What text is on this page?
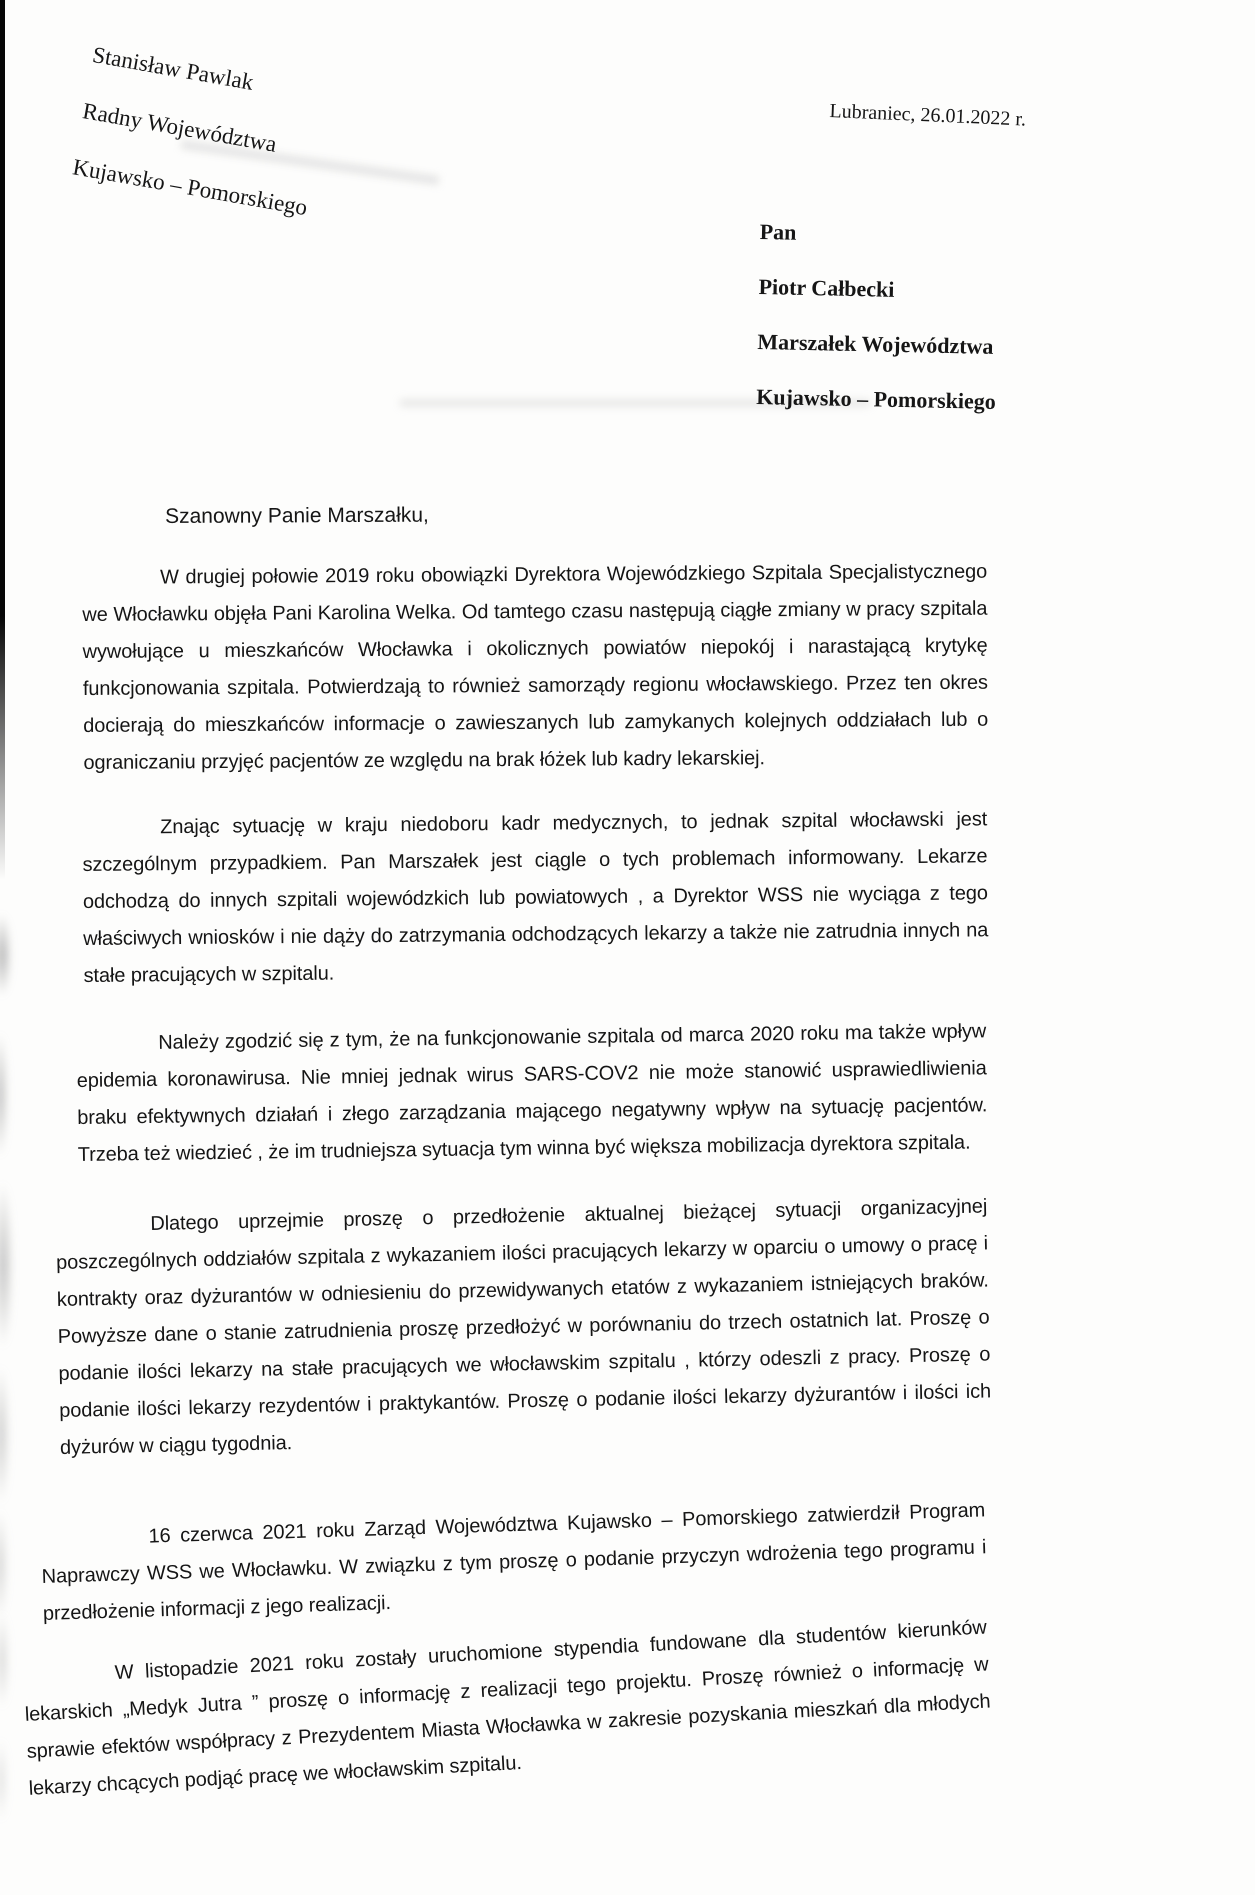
Stanisław Pawlak
Radny Województwa
Kujawsko – Pomorskiego
Lubraniec, 26.01.2022 r.
Pan
Piotr Całbecki
Marszałek Województwa
Kujawsko – Pomorskiego
Szanowny Panie Marszałku,
W drugiej połowie 2019 roku obowiązki Dyrektora Wojewódzkiego Szpitala Specjalistycznego we Włocławku objęła Pani Karolina Welka. Od tamtego czasu następują ciągłe zmiany w pracy szpitala wywołujące u mieszkańców Włocławka i okolicznych powiatów niepokój i narastającą krytykę funkcjonowania szpitala. Potwierdzają to również samorządy regionu włocławskiego. Przez ten okres docierają do mieszkańców informacje o zawieszanych lub zamykanych kolejnych oddziałach lub o ograniczaniu przyjęć pacjentów ze względu na brak łóżek lub kadry lekarskiej.
Znając sytuację w kraju niedoboru kadr medycznych, to jednak szpital włocławski jest szczególnym przypadkiem. Pan Marszałek jest ciągle o tych problemach informowany. Lekarze odchodzą do innych szpitali wojewódzkich lub powiatowych , a Dyrektor WSS nie wyciąga z tego właściwych wniosków i nie dąży do zatrzymania odchodzących lekarzy a także nie zatrudnia innych na stałe pracujących w szpitalu.
Należy zgodzić się z tym, że na funkcjonowanie szpitala od marca 2020 roku ma także wpływ epidemia koronawirusa. Nie mniej jednak wirus SARS-COV2 nie może stanowić usprawiedliwienia braku efektywnych działań i złego zarządzania mającego negatywny wpływ na sytuację pacjentów. Trzeba też wiedzieć , że im trudniejsza sytuacja tym winna być większa mobilizacja dyrektora szpitala.
Dlatego uprzejmie proszę o przedłożenie aktualnej bieżącej sytuacji organizacyjnej poszczególnych oddziałów szpitala z wykazaniem ilości pracujących lekarzy w oparciu o umowy o pracę i kontrakty oraz dyżurantów w odniesieniu do przewidywanych etatów z wykazaniem istniejących braków. Powyższe dane o stanie zatrudnienia proszę przedłożyć w porównaniu do trzech ostatnich lat. Proszę o podanie ilości lekarzy na stałe pracujących we włocławskim szpitalu , którzy odeszli z pracy. Proszę o podanie ilości lekarzy rezydentów i praktykantów. Proszę o podanie ilości lekarzy dyżurantów i ilości ich dyżurów w ciągu tygodnia.
16 czerwca 2021 roku Zarząd Województwa Kujawsko – Pomorskiego zatwierdził Program Naprawczy WSS we Włocławku. W związku z tym proszę o podanie przyczyn wdrożenia tego programu i przedłożenie informacji z jego realizacji.
W listopadzie 2021 roku zostały uruchomione stypendia fundowane dla studentów kierunków lekarskich „Medyk Jutra ” proszę o informację z realizacji tego projektu. Proszę również o informację w sprawie efektów współpracy z Prezydentem Miasta Włocławka w zakresie pozyskania mieszkań dla młodych lekarzy chcących podjąć pracę we włocławskim szpitalu.
